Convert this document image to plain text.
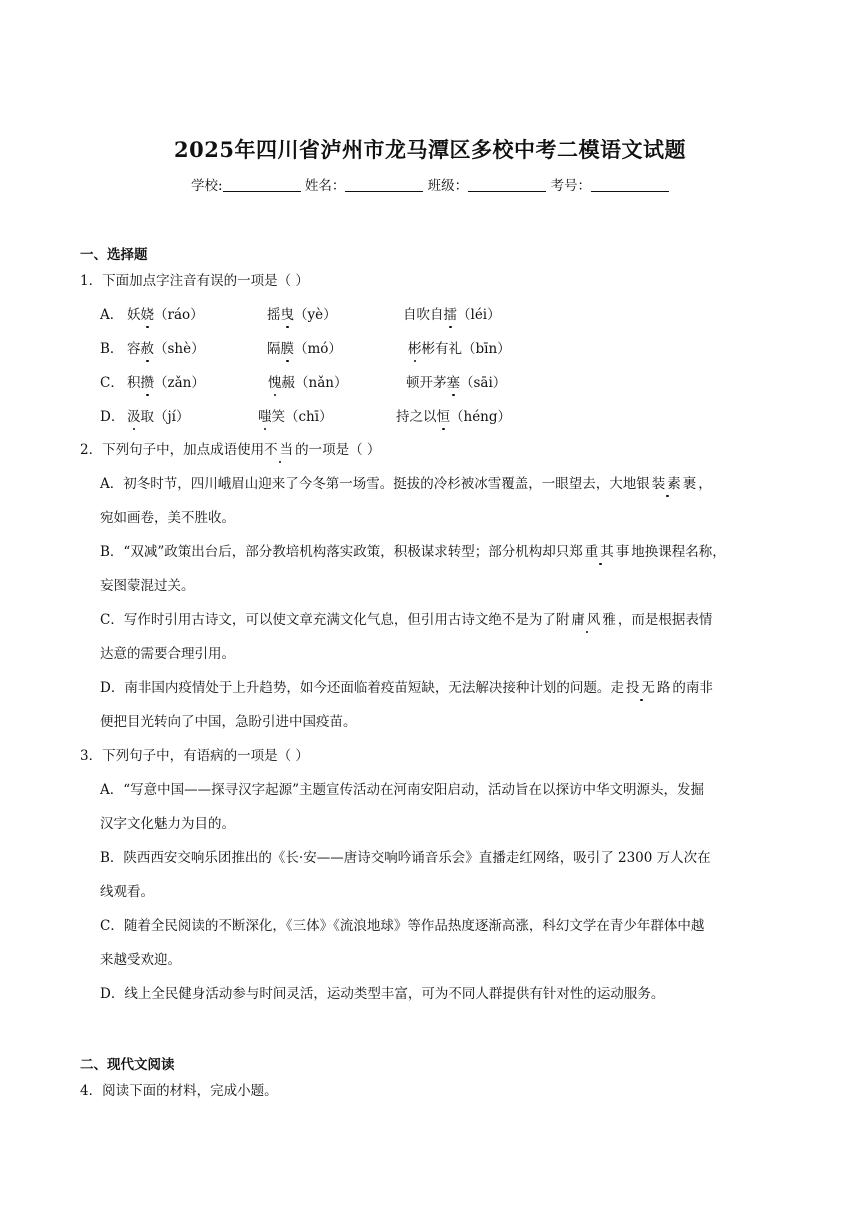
2025年四川省泸州市龙马潭区多校中考二模语文试题
学校:	姓名：	班级：	考号：
一、选择题
1．下面加点字注音有误的一项是（ ）
A． 妖娆（ráo）	摇曳（yè）	自吹自擂（léi）
B． 容赦（shè）	隔膜（mó）	彬彬有礼（bīn）
C． 积攒（zǎn）	愧赧（nǎn）	顿开茅塞（sāi）
D． 汲取（jí）	嗤笑（chī）	持之以恒（héng）
2．下列句子中，加点成语使用不当的一项是（ ）
A．初冬时节，四川峨眉山迎来了今冬第一场雪。挺拔的冷杉被冰雪覆盖，一眼望去，大地银装素裹，
宛如画卷，美不胜收。
B．“双减”政策出台后，部分教培机构落实政策，积极谋求转型；部分机构却只郑重其事地换课程名称，
妄图蒙混过关。
C．写作时引用古诗文，可以使文章充满文化气息，但引用古诗文绝不是为了附庸风雅，而是根据表情
达意的需要合理引用。
D．南非国内疫情处于上升趋势，如今还面临着疫苗短缺，无法解决接种计划的问题。走投无路的南非
便把目光转向了中国，急盼引进中国疫苗。
3．下列句子中，有语病的一项是（ ）
A．“写意中国——探寻汉字起源”主题宣传活动在河南安阳启动，活动旨在以探访中华文明源头，发掘
汉字文化魅力为目的。
B．陕西西安交响乐团推出的《长·安——唐诗交响吟诵音乐会》直播走红网络，吸引了 2300 万人次在
线观看。
C．随着全民阅读的不断深化，《三体》《流浪地球》等作品热度逐渐高涨，科幻文学在青少年群体中越
来越受欢迎。
D．线上全民健身活动参与时间灵活，运动类型丰富，可为不同人群提供有针对性的运动服务。
二、现代文阅读
4．阅读下面的材料，完成小题。
